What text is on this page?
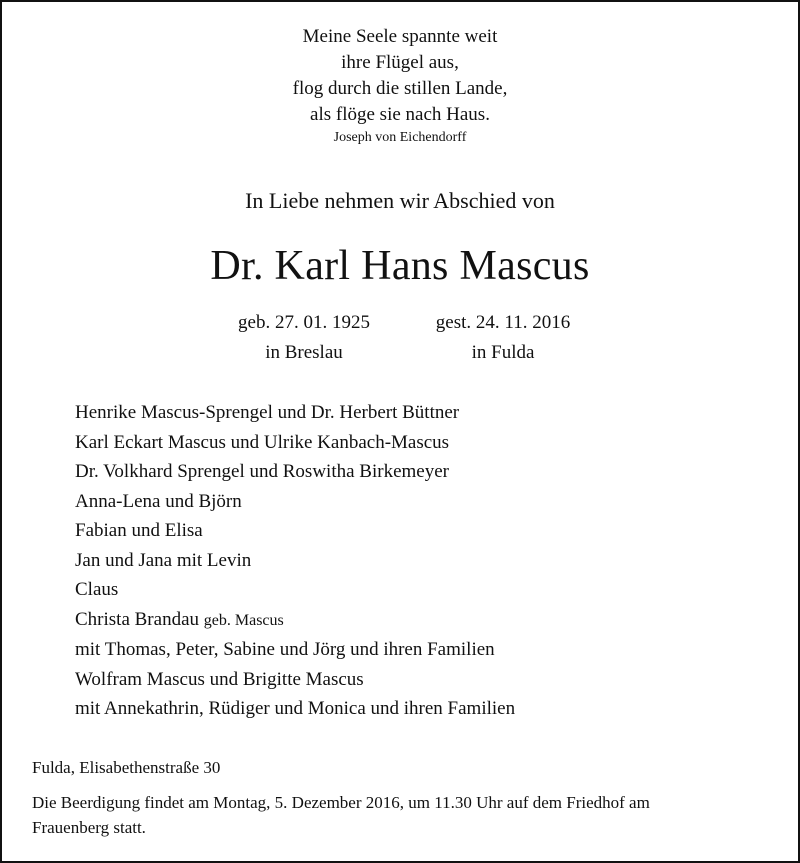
Meine Seele spannte weit
ihre Flügel aus,
flog durch die stillen Lande,
als flöge sie nach Haus.
Joseph von Eichendorff
In Liebe nehmen wir Abschied von
Dr. Karl Hans Mascus
geb. 27. 01. 1925
in Breslau
gest. 24. 11. 2016
in Fulda
Henrike Mascus-Sprengel und Dr. Herbert Büttner
Karl Eckart Mascus und Ulrike Kanbach-Mascus
Dr. Volkhard Sprengel und Roswitha Birkemeyer
Anna-Lena und Björn
Fabian und Elisa
Jan und Jana mit Levin
Claus
Christa Brandau geb. Mascus
mit Thomas, Peter, Sabine und Jörg und ihren Familien
Wolfram Mascus und Brigitte Mascus
mit Annekathrin, Rüdiger und Monica und ihren Familien
Fulda, Elisabethenstraße 30
Die Beerdigung findet am Montag, 5. Dezember 2016, um 11.30 Uhr auf dem Friedhof am Frauenberg statt.
